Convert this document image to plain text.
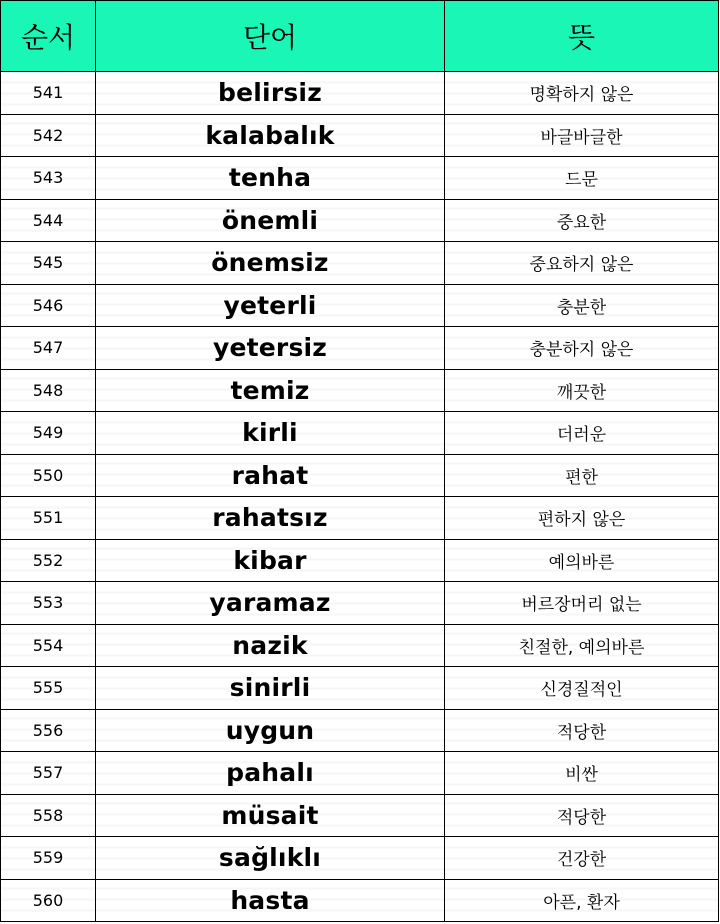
순서	단어	뜻
541	belirsiz	명확하지 않은
542	kalabalık	바글바글한
543	tenha	드문
544	önemli	중요한
545	önemsiz	중요하지 않은
546	yeterli	충분한
547	yetersiz	충분하지 않은
548	temiz	깨끗한
549	kirli	더러운
550	rahat	편한
551	rahatsız	편하지 않은
552	kibar	예의바른
553	yaramaz	버르장머리 없는
554	nazik	친절한, 예의바른
555	sinirli	신경질적인
556	uygun	적당한
557	pahalı	비싼
558	müsait	적당한
559	sağlıklı	건강한
560	hasta	아픈, 환자
